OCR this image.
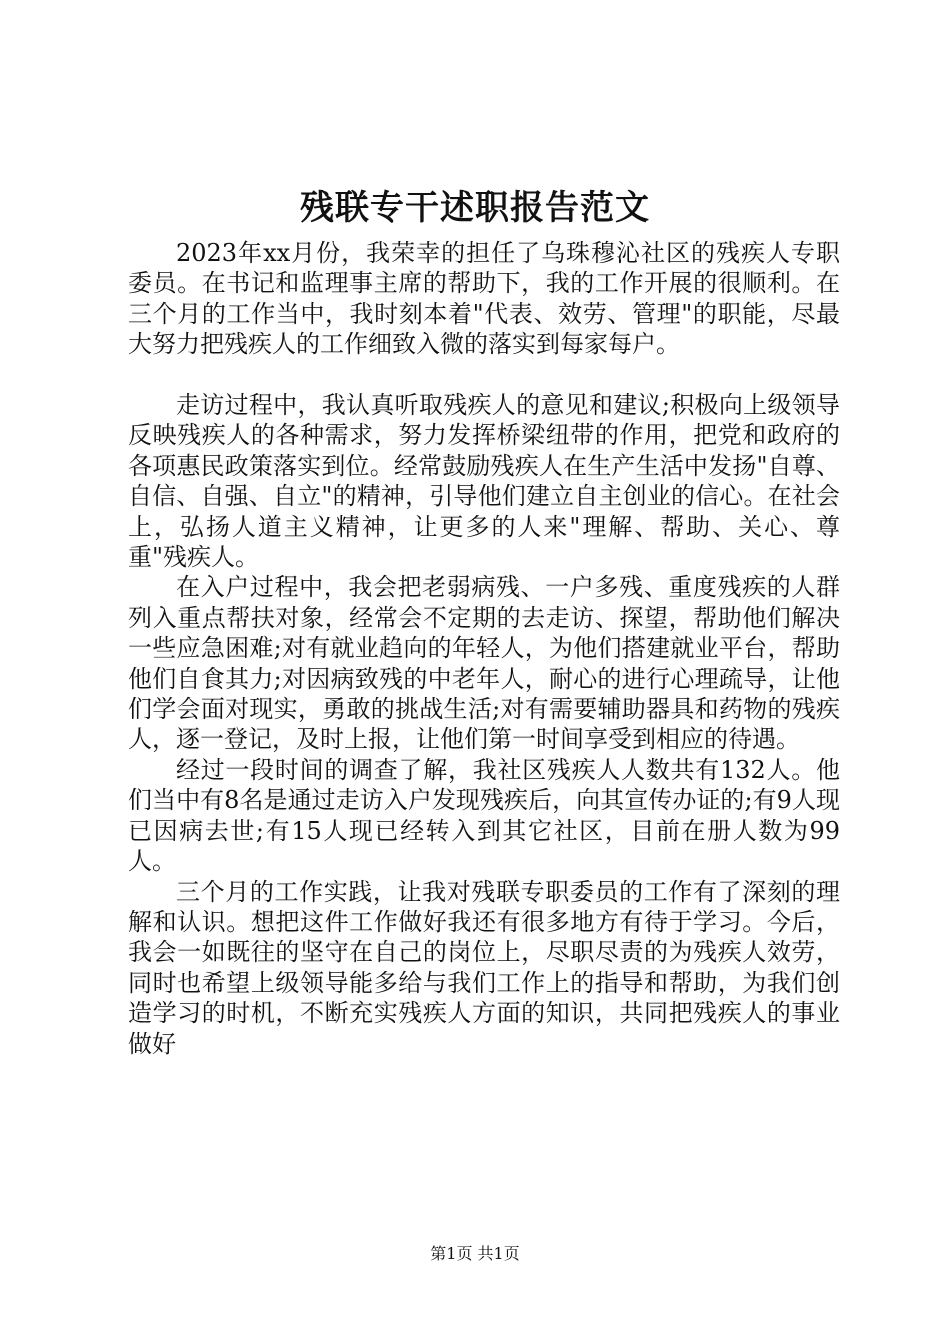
残联专干述职报告范文

2023年xx月份，我荣幸的担任了乌珠穆沁社区的残疾人专职委员。在书记和监理事主席的帮助下，我的工作开展的很顺利。在三个月的工作当中，我时刻本着"代表、效劳、管理"的职能，尽最大努力把残疾人的工作细致入微的落实到每家每户。

走访过程中，我认真听取残疾人的意见和建议;积极向上级领导反映残疾人的各种需求，努力发挥桥梁纽带的作用，把党和政府的各项惠民政策落实到位。经常鼓励残疾人在生产生活中发扬"自尊、自信、自强、自立"的精神，引导他们建立自主创业的信心。在社会上，弘扬人道主义精神，让更多的人来"理解、帮助、关心、尊重"残疾人。

在入户过程中，我会把老弱病残、一户多残、重度残疾的人群列入重点帮扶对象，经常会不定期的去走访、探望，帮助他们解决一些应急困难;对有就业趋向的年轻人，为他们搭建就业平台，帮助他们自食其力;对因病致残的中老年人，耐心的进行心理疏导，让他们学会面对现实，勇敢的挑战生活;对有需要辅助器具和药物的残疾人，逐一登记，及时上报，让他们第一时间享受到相应的待遇。

经过一段时间的调查了解，我社区残疾人人数共有132人。他们当中有8名是通过走访入户发现残疾后，向其宣传办证的;有9人现已因病去世;有15人现已经转入到其它社区，目前在册人数为99人。

三个月的工作实践，让我对残联专职委员的工作有了深刻的理解和认识。想把这件工作做好我还有很多地方有待于学习。今后，我会一如既往的坚守在自己的岗位上，尽职尽责的为残疾人效劳，同时也希望上级领导能多给与我们工作上的指导和帮助，为我们创造学习的时机，不断充实残疾人方面的知识，共同把残疾人的事业做好

第1页 共1页
